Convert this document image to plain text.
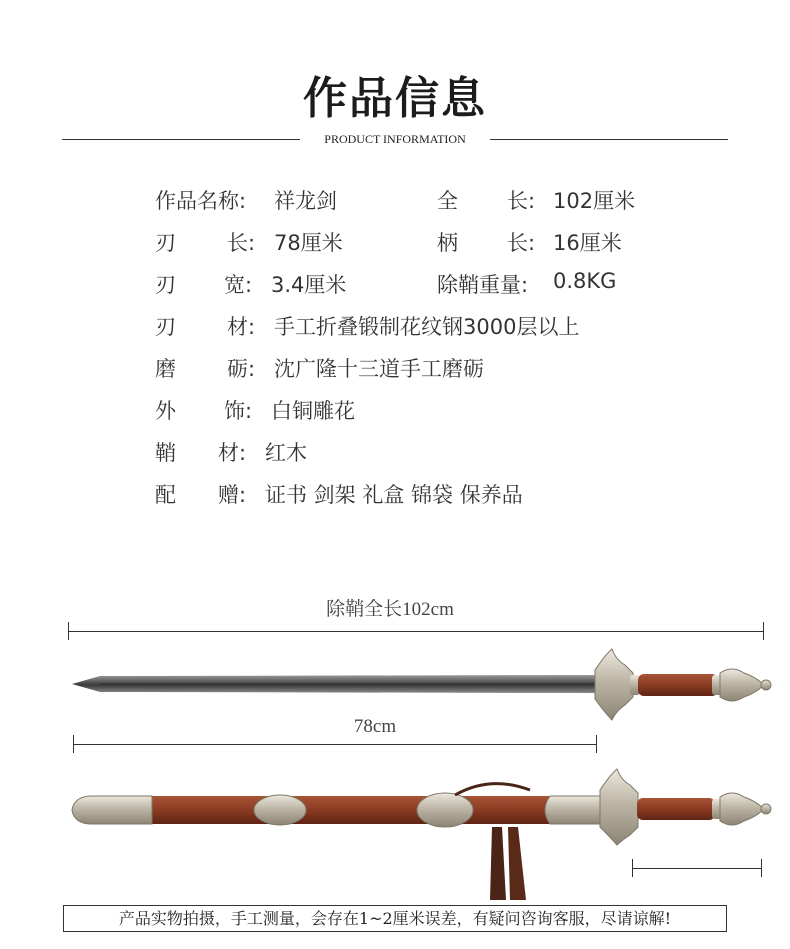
作品信息
PRODUCT INFORMATION
作品名称: 祥龙剑	全 长: 102厘米
刃 长: 78厘米	柄 长: 16厘米
刃 宽: 3.4厘米	除鞘重量: 0.8KG
刃 材: 手工折叠锻制花纹钢3000层以上
磨 砺: 沈广隆十三道手工磨砺
外 饰: 白铜雕花
鞘 材: 红木
配 赠: 证书 剑架 礼盒 锦袋 保养品
除鞘全长102cm
78cm
产品实物拍摄，手工测量，会存在1~2厘米误差，有疑问咨询客服，尽请谅解!
